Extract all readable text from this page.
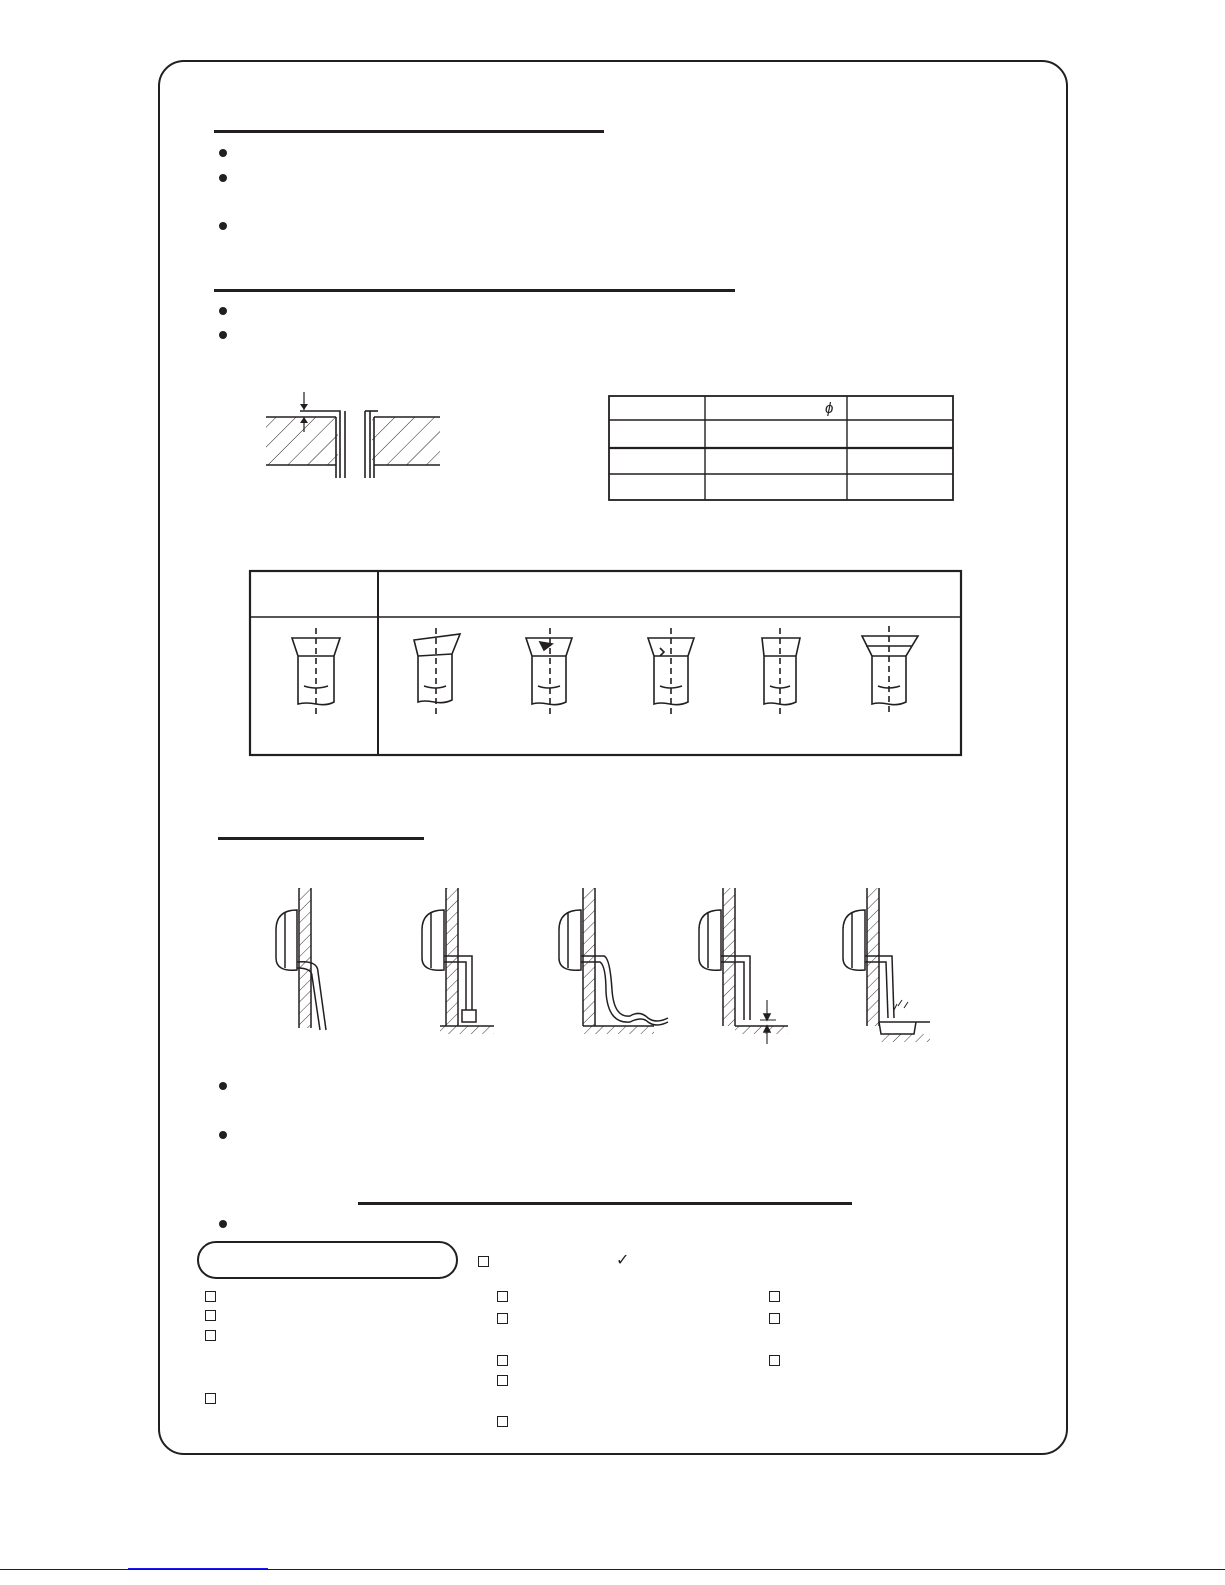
ϕ
✓
